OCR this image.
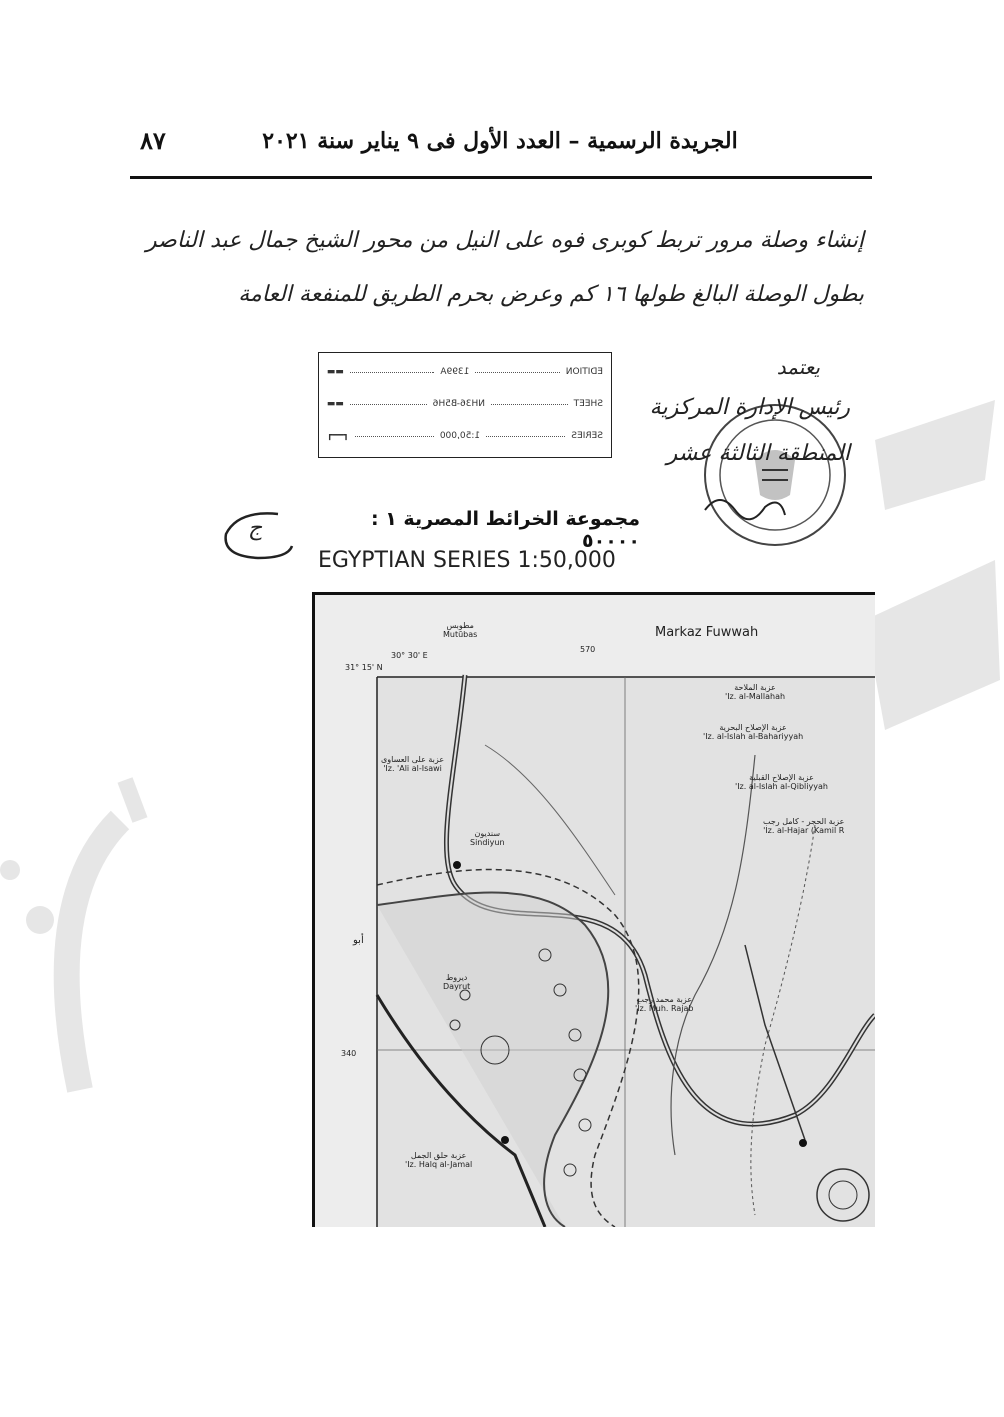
الجريدة الرسمية – العدد الأول فى ٩ يناير سنة ٢٠٢١
٨٧
إنشاء وصلة مرور تربط كوبرى فوه على النيل من محور الشيخ جمال عبد الناصر
بطول الوصلة البالغ طولها ١٦ كم وعرض بحرم الطريق للمنفعة العامة
EDITION
1399A
▬▬
SHEET
NH36-B5H6
▬▬
SERIES
1:50,000
┏━━┓
يعتمد
رئيس الإدارة المركزية
المنطقة الثالثة عشر
ج	مجموعة الخرائط المصرية ١ : ٥٠٠٠٠
EGYPTIAN SERIES 1:50,000
مطوبس
Mutūbas	Markaz Fuwwah
570
30° 30' E
31° 15' N
340
أبو
عزبة الملاحة
'Iz. al-Mallahah
عزبة الإصلاح البحرية
'Iz. al-Islah al-Bahariyyah
عزبة على العساوى
'Iz. 'Ali al-Isawi
عزبة الإصلاح القبلية
'Iz. al-Islah al-Qibliyyah
عزبة الحجر - كامل رجب
'Iz. al-Hajar (Kamil R
سنديون
Sindiyun
ديروط
Dayrut
عزبة محمد رجب
'Iz. Muh. Rajab
عزبة حلق الجمل
'Iz. Halq al-Jamal
